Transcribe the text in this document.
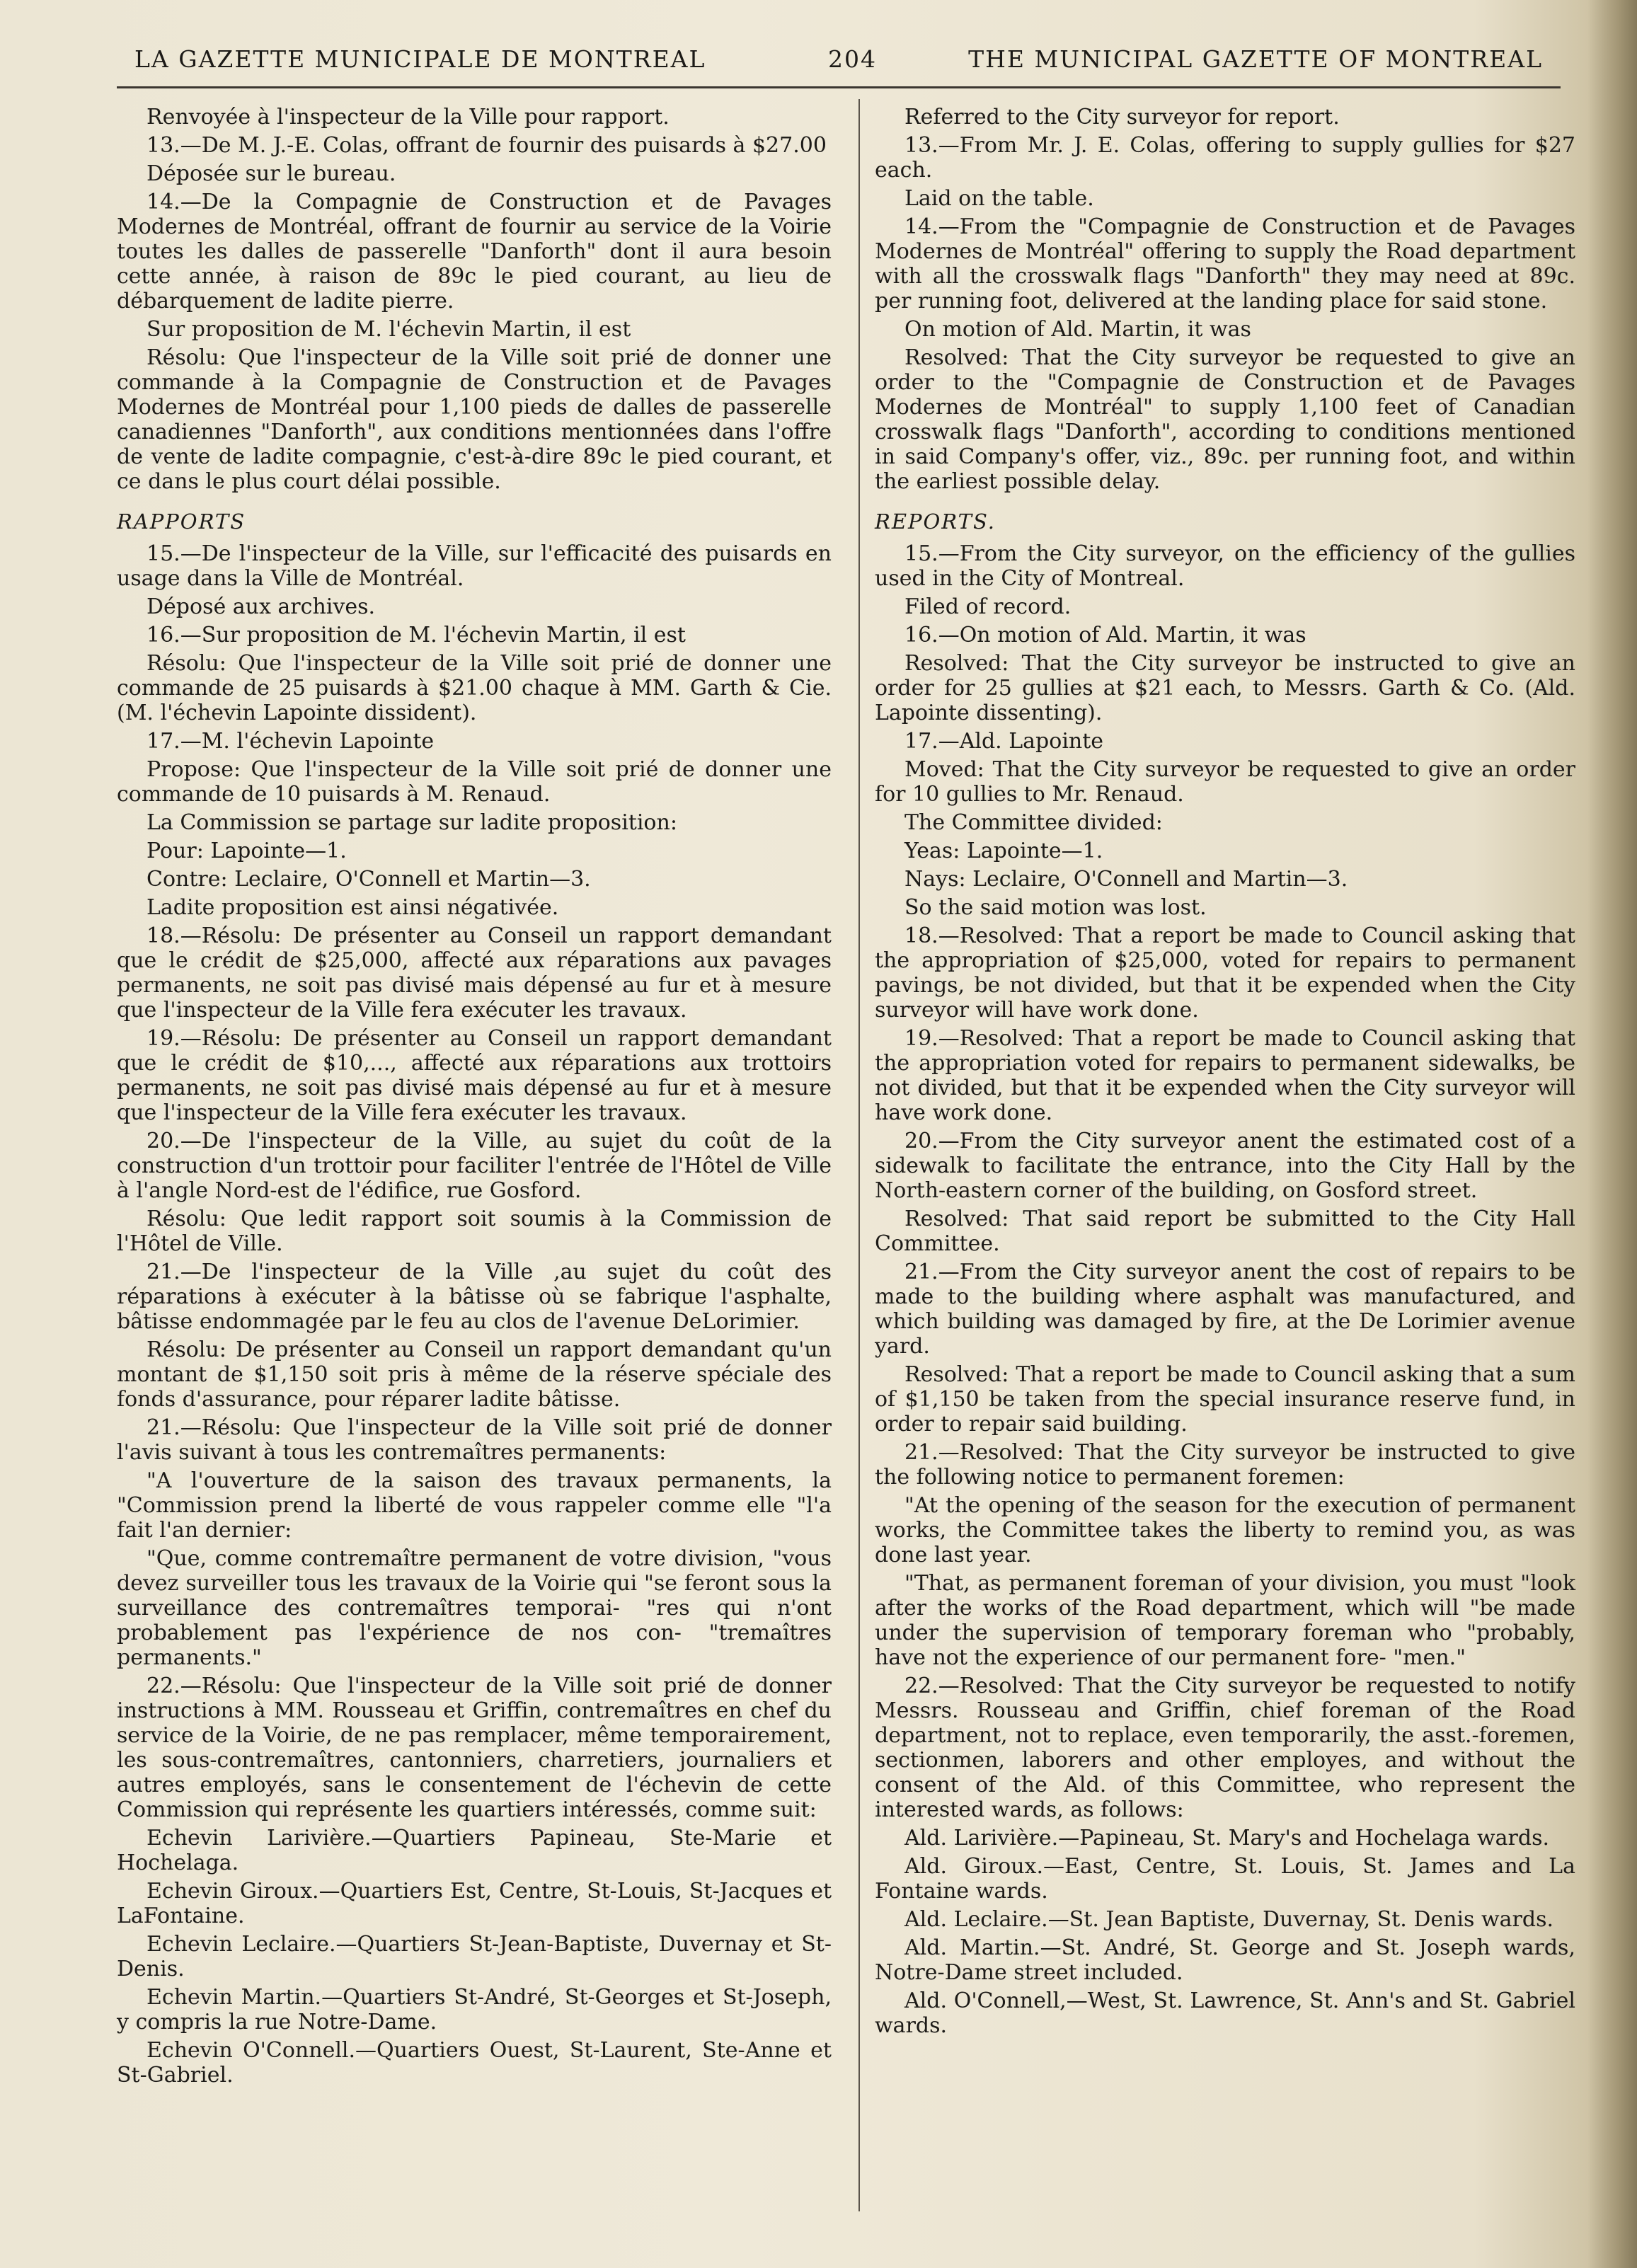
LA GAZETTE MUNICIPALE DE MONTREAL	204	THE MUNICIPAL GAZETTE OF MONTREAL

Renvoyée à l'inspecteur de la Ville pour rapport.

13.—De M. J.-E. Colas, offrant de fournir des puisards à $27.00

Déposée sur le bureau.

14.—De la Compagnie de Construction et de Pavages Modernes de Montréal, offrant de fournir au service de la Voirie toutes les dalles de passerelle "Danforth" dont il aura besoin cette année, à raison de 89c le pied courant, au lieu de débarquement de ladite pierre.

Sur proposition de M. l'échevin Martin, il est

Résolu: Que l'inspecteur de la Ville soit prié de donner une commande à la Compagnie de Construction et de Pavages Modernes de Montréal pour 1,100 pieds de dalles de passerelle canadiennes "Danforth", aux conditions mentionnées dans l'offre de vente de ladite compagnie, c'est-à-dire 89c le pied courant, et ce dans le plus court délai possible.

RAPPORTS

15.—De l'inspecteur de la Ville, sur l'efficacité des puisards en usage dans la Ville de Montréal.

Déposé aux archives.

16.—Sur proposition de M. l'échevin Martin, il est

Résolu: Que l'inspecteur de la Ville soit prié de donner une commande de 25 puisards à $21.00 chaque à MM. Garth & Cie. (M. l'échevin Lapointe dissident).

17.—M. l'échevin Lapointe

Propose: Que l'inspecteur de la Ville soit prié de donner une commande de 10 puisards à M. Renaud.

La Commission se partage sur ladite proposition:

Pour: Lapointe—1.

Contre: Leclaire, O'Connell et Martin—3.

Ladite proposition est ainsi négativée.

18.—Résolu: De présenter au Conseil un rapport demandant que le crédit de $25,000, affecté aux réparations aux pavages permanents, ne soit pas divisé mais dépensé au fur et à mesure que l'inspecteur de la Ville fera exécuter les travaux.

19.—Résolu: De présenter au Conseil un rapport demandant que le crédit de $10,..., affecté aux réparations aux trottoirs permanents, ne soit pas divisé mais dépensé au fur et à mesure que l'inspecteur de la Ville fera exécuter les travaux.

20.—De l'inspecteur de la Ville, au sujet du coût de la construction d'un trottoir pour faciliter l'entrée de l'Hôtel de Ville à l'angle Nord-est de l'édifice, rue Gosford.

Résolu: Que ledit rapport soit soumis à la Commission de l'Hôtel de Ville.

21.—De l'inspecteur de la Ville ,au sujet du coût des réparations à exécuter à la bâtisse où se fabrique l'asphalte, bâtisse endommagée par le feu au clos de l'avenue DeLorimier.

Résolu: De présenter au Conseil un rapport demandant qu'un montant de $1,150 soit pris à même de la réserve spéciale des fonds d'assurance, pour réparer ladite bâtisse.

21.—Résolu: Que l'inspecteur de la Ville soit prié de donner l'avis suivant à tous les contremaîtres permanents:

"A l'ouverture de la saison des travaux permanents, la "Commission prend la liberté de vous rappeler comme elle "l'a fait l'an dernier:

"Que, comme contremaître permanent de votre division, "vous devez surveiller tous les travaux de la Voirie qui "se feront sous la surveillance des contremaîtres temporai- "res qui n'ont probablement pas l'expérience de nos con- "tremaîtres permanents."

22.—Résolu: Que l'inspecteur de la Ville soit prié de donner instructions à MM. Rousseau et Griffin, contremaîtres en chef du service de la Voirie, de ne pas remplacer, même temporairement, les sous-contremaîtres, cantonniers, charretiers, journaliers et autres employés, sans le consentement de l'échevin de cette Commission qui représente les quartiers intéressés, comme suit:

Echevin Larivière.—Quartiers Papineau, Ste-Marie et Hochelaga.

Echevin Giroux.—Quartiers Est, Centre, St-Louis, St-Jacques et LaFontaine.

Echevin Leclaire.—Quartiers St-Jean-Baptiste, Duvernay et St-Denis.

Echevin Martin.—Quartiers St-André, St-Georges et St-Joseph, y compris la rue Notre-Dame.

Echevin O'Connell.—Quartiers Ouest, St-Laurent, Ste-Anne et St-Gabriel.

Referred to the City surveyor for report.

13.—From Mr. J. E. Colas, offering to supply gullies for $27 each.

Laid on the table.

14.—From the "Compagnie de Construction et de Pavages Modernes de Montréal" offering to supply the Road department with all the crosswalk flags "Danforth" they may need at 89c. per running foot, delivered at the landing place for said stone.

On motion of Ald. Martin, it was

Resolved: That the City surveyor be requested to give an order to the "Compagnie de Construction et de Pavages Modernes de Montréal" to supply 1,100 feet of Canadian crosswalk flags "Danforth", according to conditions mentioned in said Company's offer, viz., 89c. per running foot, and within the earliest possible delay.

REPORTS.

15.—From the City surveyor, on the efficiency of the gullies used in the City of Montreal.

Filed of record.

16.—On motion of Ald. Martin, it was

Resolved: That the City surveyor be instructed to give an order for 25 gullies at $21 each, to Messrs. Garth & Co. (Ald. Lapointe dissenting).

17.—Ald. Lapointe

Moved: That the City surveyor be requested to give an order for 10 gullies to Mr. Renaud.

The Committee divided:

Yeas: Lapointe—1.

Nays: Leclaire, O'Connell and Martin—3.

So the said motion was lost.

18.—Resolved: That a report be made to Council asking that the appropriation of $25,000, voted for repairs to permanent pavings, be not divided, but that it be expended when the City surveyor will have work done.

19.—Resolved: That a report be made to Council asking that the appropriation voted for repairs to permanent sidewalks, be not divided, but that it be expended when the City surveyor will have work done.

20.—From the City surveyor anent the estimated cost of a sidewalk to facilitate the entrance, into the City Hall by the North-eastern corner of the building, on Gosford street.

Resolved: That said report be submitted to the City Hall Committee.

21.—From the City surveyor anent the cost of repairs to be made to the building where asphalt was manufactured, and which building was damaged by fire, at the De Lorimier avenue yard.

Resolved: That a report be made to Council asking that a sum of $1,150 be taken from the special insurance reserve fund, in order to repair said building.

21.—Resolved: That the City surveyor be instructed to give the following notice to permanent foremen:

"At the opening of the season for the execution of permanent works, the Committee takes the liberty to remind you, as was done last year.

"That, as permanent foreman of your division, you must "look after the works of the Road department, which will "be made under the supervision of temporary foreman who "probably, have not the experience of our permanent fore- "men."

22.—Resolved: That the City surveyor be requested to notify Messrs. Rousseau and Griffin, chief foreman of the Road department, not to replace, even temporarily, the asst.-foremen, sectionmen, laborers and other employes, and without the consent of the Ald. of this Committee, who represent the interested wards, as follows:

Ald. Larivière.—Papineau, St. Mary's and Hochelaga wards.

Ald. Giroux.—East, Centre, St. Louis, St. James and La Fontaine wards.

Ald. Leclaire.—St. Jean Baptiste, Duvernay, St. Denis wards.

Ald. Martin.—St. André, St. George and St. Joseph wards, Notre-Dame street included.

Ald. O'Connell,—West, St. Lawrence, St. Ann's and St. Gabriel wards.
